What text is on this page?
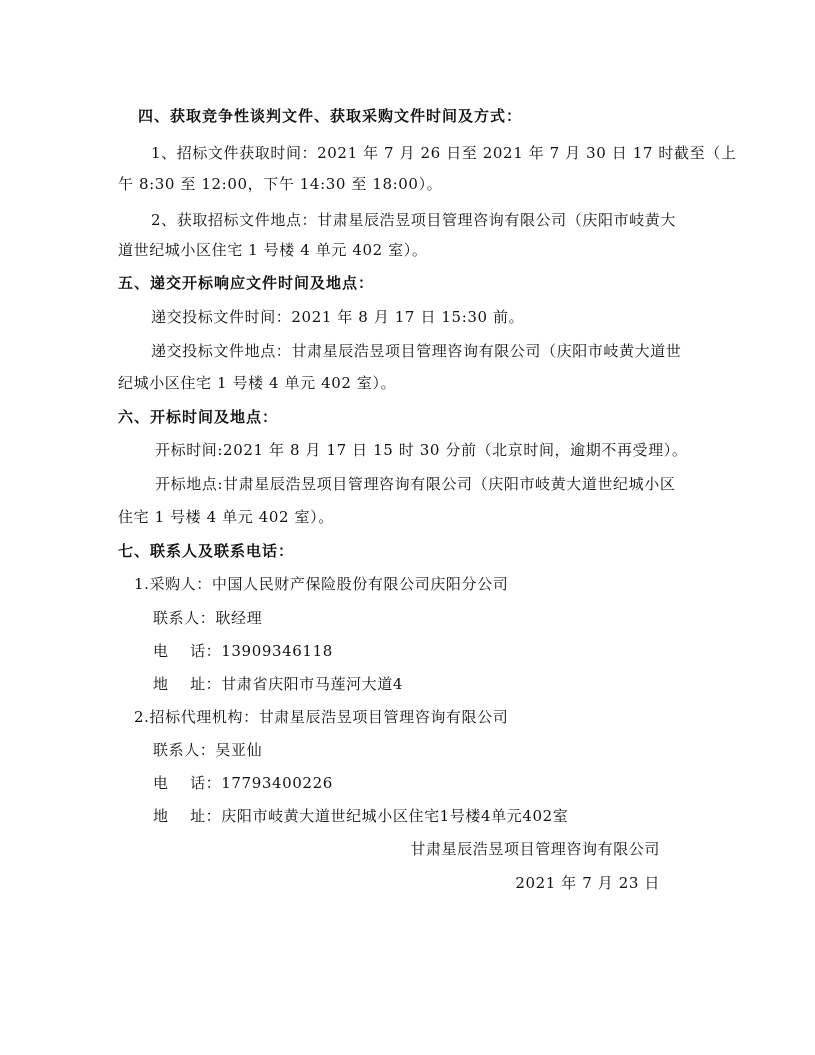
四、获取竞争性谈判文件、获取采购文件时间及方式：
1、招标文件获取时间：2021 年 7 月 26 日至 2021 年 7 月 30 日 17 时截至（上
午 8:30 至 12:00，下午 14:30 至 18:00）。
2、获取招标文件地点：甘肃星辰浩昱项目管理咨询有限公司（庆阳市岐黄大
道世纪城小区住宅 1 号楼 4 单元 402 室）。
五、递交开标响应文件时间及地点：
递交投标文件时间：2021 年 8 月 17 日 15:30 前。
递交投标文件地点：甘肃星辰浩昱项目管理咨询有限公司（庆阳市岐黄大道世
纪城小区住宅 1 号楼 4 单元 402 室）。
六、开标时间及地点：
开标时间:2021 年 8 月 17 日 15 时 30 分前（北京时间，逾期不再受理）。
开标地点:甘肃星辰浩昱项目管理咨询有限公司（庆阳市岐黄大道世纪城小区
住宅 1 号楼 4 单元 402 室）。
七、联系人及联系电话：
1.采购人：中国人民财产保险股份有限公司庆阳分公司
联系人：耿经理
电    话：13909346118
地    址：甘肃省庆阳市马莲河大道4
2.招标代理机构：甘肃星辰浩昱项目管理咨询有限公司
联系人：吴亚仙
电    话：17793400226
地    址：庆阳市岐黄大道世纪城小区住宅1号楼4单元402室
甘肃星辰浩昱项目管理咨询有限公司
2021 年 7 月 23 日
